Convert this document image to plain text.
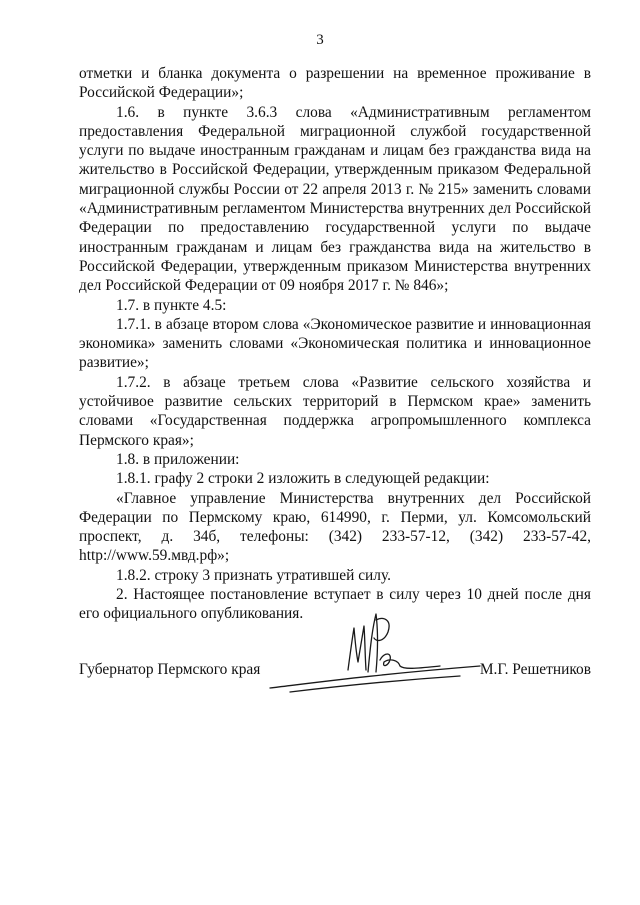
3

отметки и бланка документа о разрешении на временное проживание в Российской Федерации»;

1.6. в пункте 3.6.3 слова «Административным регламентом предоставления Федеральной миграционной службой государственной услуги по выдаче иностранным гражданам и лицам без гражданства вида на жительство в Российской Федерации, утвержденным приказом Федеральной миграционной службы России от 22 апреля 2013 г. № 215» заменить словами «Административным регламентом Министерства внутренних дел Российской Федерации по предоставлению государственной услуги по выдаче иностранным гражданам и лицам без гражданства вида на жительство в Российской Федерации, утвержденным приказом Министерства внутренних дел Российской Федерации от 09 ноября 2017 г. № 846»;

1.7. в пункте 4.5:

1.7.1. в абзаце втором слова «Экономическое развитие и инновационная экономика» заменить словами «Экономическая политика и инновационное развитие»;

1.7.2. в абзаце третьем слова «Развитие сельского хозяйства и устойчивое развитие сельских территорий в Пермском крае» заменить словами «Государственная поддержка агропромышленного комплекса Пермского края»;

1.8. в приложении:

1.8.1. графу 2 строки 2 изложить в следующей редакции:

«Главное управление Министерства внутренних дел Российской Федерации по Пермскому краю, 614990, г. Перми, ул. Комсомольский проспект, д. 34б, телефоны: (342) 233-57-12, (342) 233-57-42, http://www.59.мвд.рф»;

1.8.2. строку 3 признать утратившей силу.

2. Настоящее постановление вступает в силу через 10 дней после дня его официального опубликования.

Губернатор Пермского края	М.Г. Решетников
